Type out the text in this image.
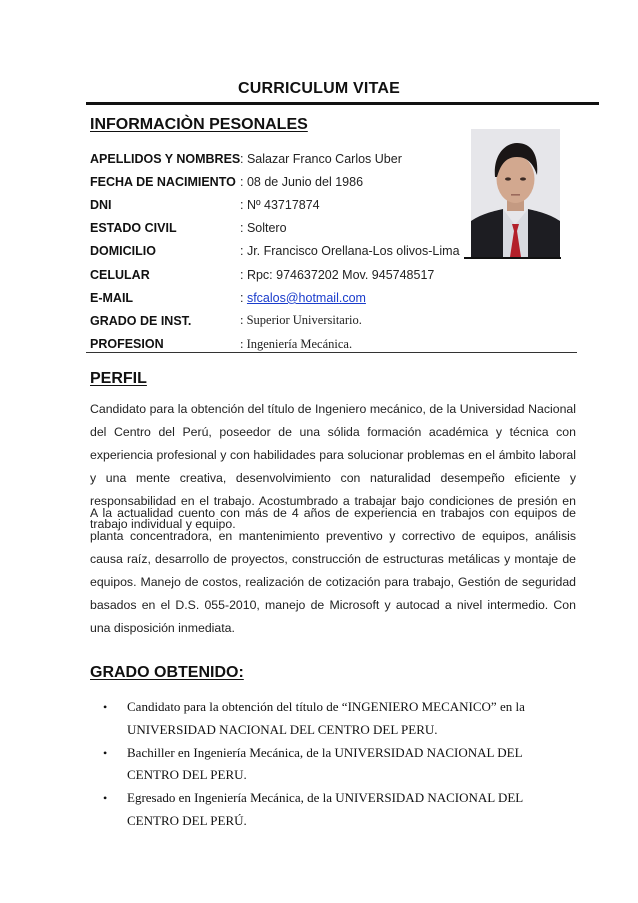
CURRICULUM VITAE
INFORMACIÒN PESONALES
APELLIDOS Y NOMBRES : Salazar Franco Carlos Uber
FECHA DE NACIMIENTO : 08 de Junio del 1986
DNI	: Nº 43717874
ESTADO CIVIL	: Soltero
DOMICILIO	: Jr. Francisco Orellana-Los olivos-Lima
CELULAR	: Rpc: 974637202 Mov. 945748517
E-MAIL	: sfcalos@hotmail.com
GRADO DE INST.	: Superior Universitario.
PROFESION	: Ingeniería Mecánica.
PERFIL
Candidato para la obtención del título de Ingeniero mecánico, de la Universidad Nacional del Centro del Perú, poseedor de una sólida formación académica y técnica con experiencia profesional y con habilidades para solucionar problemas en el ámbito laboral y una mente creativa, desenvolvimiento con naturalidad desempeño eficiente y responsabilidad en el trabajo. Acostumbrado a trabajar bajo condiciones de presión en trabajo individual y equipo.
A la actualidad cuento con más de 4 años de experiencia en trabajos con equipos de planta concentradora, en mantenimiento preventivo y correctivo de equipos, análisis causa raíz, desarrollo de proyectos, construcción de estructuras metálicas y montaje de equipos. Manejo de costos, realización de cotización para trabajo, Gestión de seguridad basados en el D.S. 055-2010, manejo de Microsoft y autocad a nivel intermedio. Con una disposición inmediata.
GRADO OBTENIDO:
• Candidato para la obtención del título de “INGENIERO MECANICO” en la UNIVERSIDAD NACIONAL DEL CENTRO DEL PERU.
• Bachiller en Ingeniería Mecánica, de la UNIVERSIDAD NACIONAL DEL CENTRO DEL PERU.
• Egresado en Ingeniería Mecánica, de la UNIVERSIDAD NACIONAL DEL CENTRO DEL PERÚ.
